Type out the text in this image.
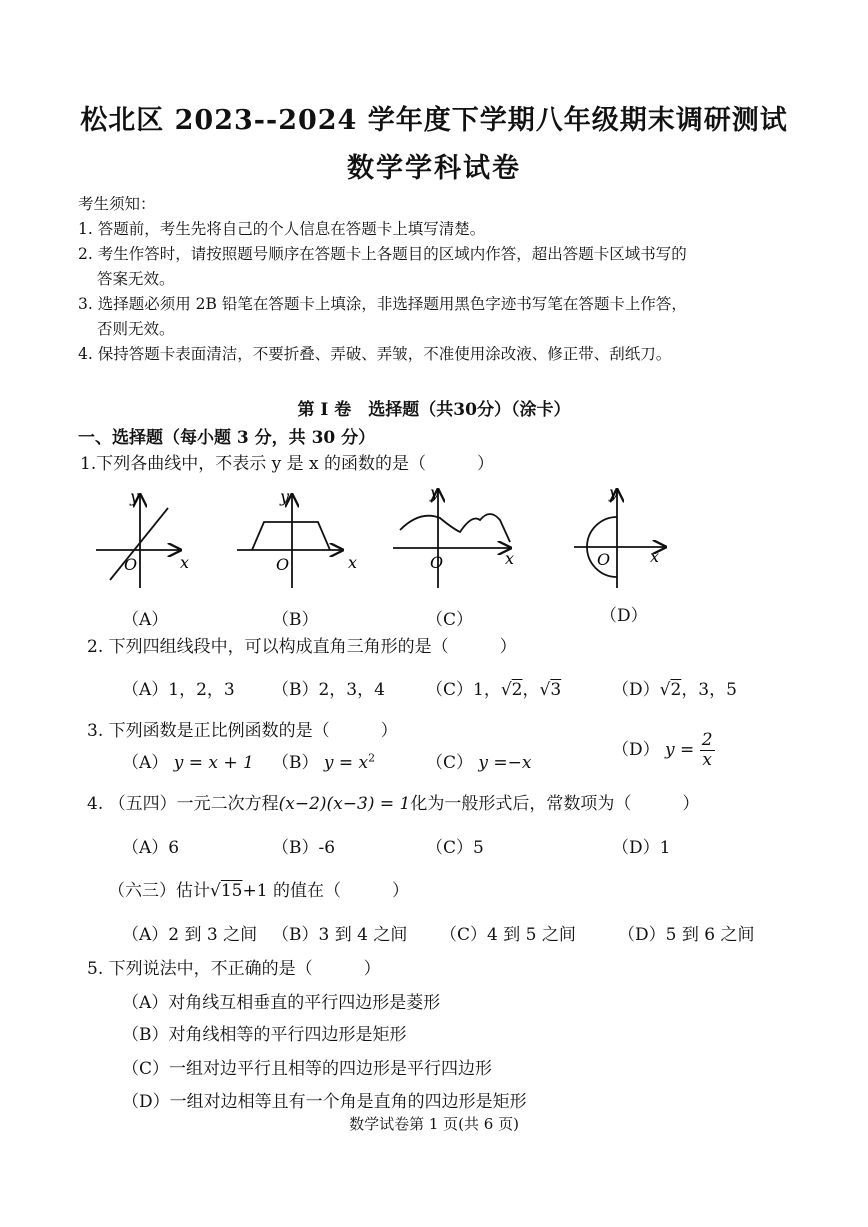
松北区 2023--2024 学年度下学期八年级期末调研测试
数学学科试卷
考生须知：
1. 答题前，考生先将自己的个人信息在答题卡上填写清楚。
2. 考生作答时，请按照题号顺序在答题卡上各题目的区域内作答，超出答题卡区域书写的
答案无效。
3. 选择题必须用 2B 铅笔在答题卡上填涂，非选择题用黑色字迹书写笔在答题卡上作答，
否则无效。
4. 保持答题卡表面清洁，不要折叠、弄破、弄皱，不准使用涂改液、修正带、刮纸刀。
第 I 卷　选择题（共30分）（涂卡）
一、选择题（每小题 3 分，共 30 分）
1.下列各曲线中，不表示 y 是 x 的函数的是（　　　）
y
x
O
y
x
O
y
x
O
y
x
O
（A）	（B）	（C）	（D）
2. 下列四组线段中，可以构成直角三角形的是（　　　）
（A）1，2，3 （B）2，3，4 （C）1，√2，√3	（D）√2，3，5
3. 下列函数是正比例函数的是（　　　）
（A） y = x + 1 （B） $y = x^2$	（C） y =−x
（D） $y = \frac{2}{x}$
4. （五四）一元二次方程(x−2)(x−3) = 1化为一般形式后，常数项为（　　　）
（A）6	（B）-6	（C）5	（D）1
（六三）估计√15+1 的值在（　　　）
（A）2 到 3 之间 （B）3 到 4 之间 （C）4 到 5 之间 （D）5 到 6 之间
5. 下列说法中，不正确的是（　　　）
（A）对角线互相垂直的平行四边形是菱形
（B）对角线相等的平行四边形是矩形
（C）一组对边平行且相等的四边形是平行四边形
（D）一组对边相等且有一个角是直角的四边形是矩形
数学试卷第 1 页(共 6 页)
